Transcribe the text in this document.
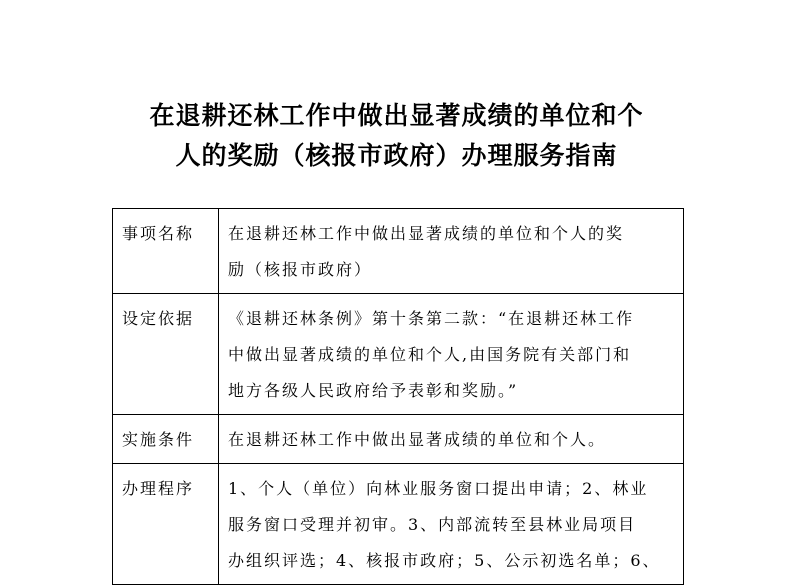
在退耕还林工作中做出显著成绩的单位和个
人的奖励（核报市政府）办理服务指南
事项名称	在退耕还林工作中做出显著成绩的单位和个人的奖
励（核报市政府）

设定依据	《退耕还林条例》第十条第二款：“在退耕还林工作
中做出显著成绩的单位和个人,由国务院有关部门和
地方各级人民政府给予表彰和奖励。”

实施条件	在退耕还林工作中做出显著成绩的单位和个人。

办理程序	1、个人（单位）向林业服务窗口提出申请；2、林业
服务窗口受理并初审。3、内部流转至县林业局项目
办组织评选；4、核报市政府；5、公示初选名单；6、
